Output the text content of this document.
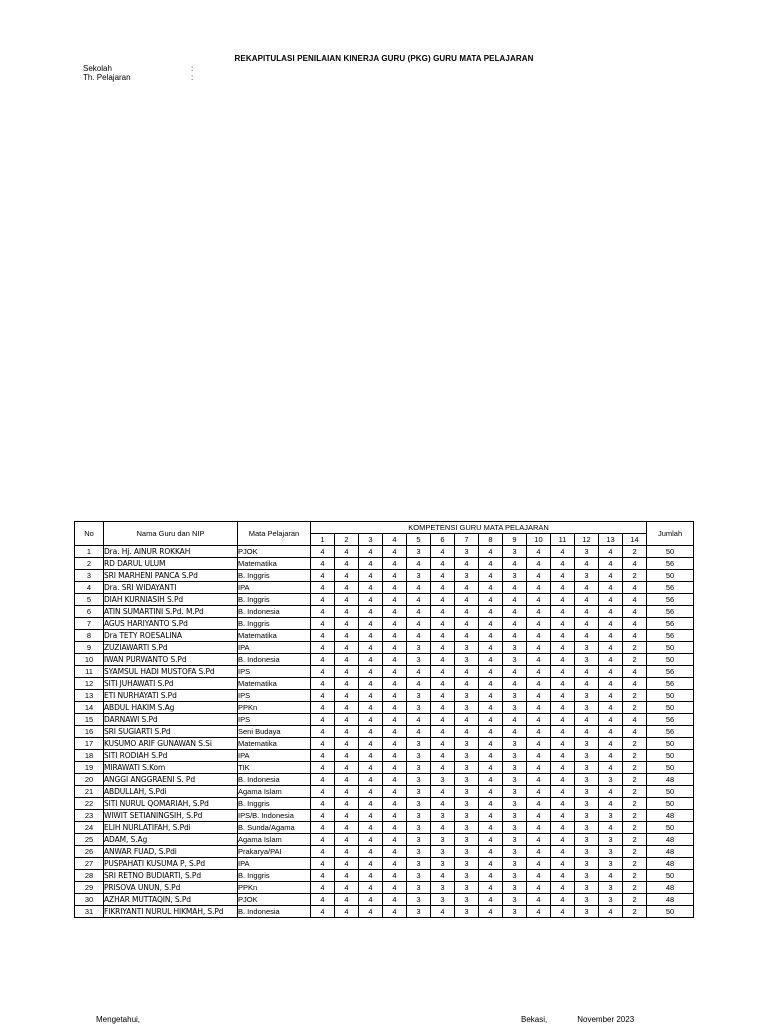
REKAPITULASI PENILAIAN KINERJA GURU (PKG) GURU MATA PELAJARAN
Sekolah	:
Th. Pelajaran	:
No	Nama Guru dan NIP	Mata Pelajaran	KOMPETENSI GURU MATA PELAJARAN														Jumlah
			1	2	3	4	5	6	7	8	9	10	11	12	13	14	
1	Dra. Hj. AINUR ROKKAH	PJOK	4	4	4	4	3	4	3	4	3	4	4	3	4	2	50
2	RD DARUL ULUM	Matematika	4	4	4	4	4	4	4	4	4	4	4	4	4	4	56
3	SRI MARHENI PANCA S.Pd	B. Inggris	4	4	4	4	3	4	3	4	3	4	4	3	4	2	50
4	Dra. SRI WIDAYANTI	IPA	4	4	4	4	4	4	4	4	4	4	4	4	4	4	56
5	DIAH KURNIASIH S.Pd	B. Inggris	4	4	4	4	4	4	4	4	4	4	4	4	4	4	56
6	ATIN SUMARTINI S.Pd. M.Pd	B. Indonesia	4	4	4	4	4	4	4	4	4	4	4	4	4	4	56
7	AGUS HARIYANTO S.Pd	B. Inggris	4	4	4	4	4	4	4	4	4	4	4	4	4	4	56
8	Dra TETY ROESALINA	Matematika	4	4	4	4	4	4	4	4	4	4	4	4	4	4	56
9	ZUZIAWARTI S.Pd	IPA	4	4	4	4	3	4	3	4	3	4	4	3	4	2	50
10	IWAN PURWANTO S.Pd	B. Indonesia	4	4	4	4	3	4	3	4	3	4	4	3	4	2	50
11	SYAMSUL HADI MUSTOFA S.Pd	IPS	4	4	4	4	4	4	4	4	4	4	4	4	4	4	56
12	SITI JUHAWATI S.Pd	Matematika	4	4	4	4	4	4	4	4	4	4	4	4	4	4	56
13	ETI NURHAYATI S.Pd	IPS	4	4	4	4	3	4	3	4	3	4	4	3	4	2	50
14	ABDUL HAKIM S.Ag	PPKn	4	4	4	4	3	4	3	4	3	4	4	3	4	2	50
15	DARNAWI S.Pd	IPS	4	4	4	4	4	4	4	4	4	4	4	4	4	4	56
16	SRI SUGIARTI S.Pd	Seni Budaya	4	4	4	4	4	4	4	4	4	4	4	4	4	4	56
17	KUSUMO ARIF GUNAWAN S.Si	Matematika	4	4	4	4	3	4	3	4	3	4	4	3	4	2	50
18	SITI RODIAH S.Pd	IPA	4	4	4	4	3	4	3	4	3	4	4	3	4	2	50
19	MIRAWATI S.Kom	TIK	4	4	4	4	3	4	3	4	3	4	4	3	4	2	50
20	ANGGI ANGGRAENI S. Pd	B. Indonesia	4	4	4	4	3	3	3	4	3	4	4	3	3	2	48
21	ABDULLAH, S.Pdi	Agama Islam	4	4	4	4	3	4	3	4	3	4	4	3	4	2	50
22	SITI NURUL QOMARIAH, S.Pd	B. Inggris	4	4	4	4	3	4	3	4	3	4	4	3	4	2	50
23	WIWIT SETIANINGSIH, S.Pd	IPS/B. Indonesia	4	4	4	4	3	3	3	4	3	4	4	3	3	2	48
24	ELIH NURLATIFAH, S.Pdi	B. Sunda/Agama	4	4	4	4	3	4	3	4	3	4	4	3	4	2	50
25	ADAM, S.Ag	Agama Islam	4	4	4	4	3	3	3	4	3	4	4	3	3	2	48
26	ANWAR FUAD, S.Pdi	Prakarya/PAI	4	4	4	4	3	3	3	4	3	4	4	3	3	2	48
27	PUSPAHATI KUSUMA P, S.Pd	IPA	4	4	4	4	3	3	3	4	3	4	4	3	3	2	48
28	SRI RETNO BUDIARTI, S.Pd	B. Inggris	4	4	4	4	3	4	3	4	3	4	4	3	4	2	50
29	PRISOVA UNUN, S.Pd	PPKn	4	4	4	4	3	3	3	4	3	4	4	3	3	2	48
30	AZHAR MUTTAQIN, S.Pd	PJOK	4	4	4	4	3	3	3	4	3	4	4	3	3	2	48
31	FIKRIYANTI NURUL HIKMAH, S.Pd	B. Indonesia	4	4	4	4	3	4	3	4	3	4	4	3	4	2	50
Mengetahui,	Bekasi,	November 2023
